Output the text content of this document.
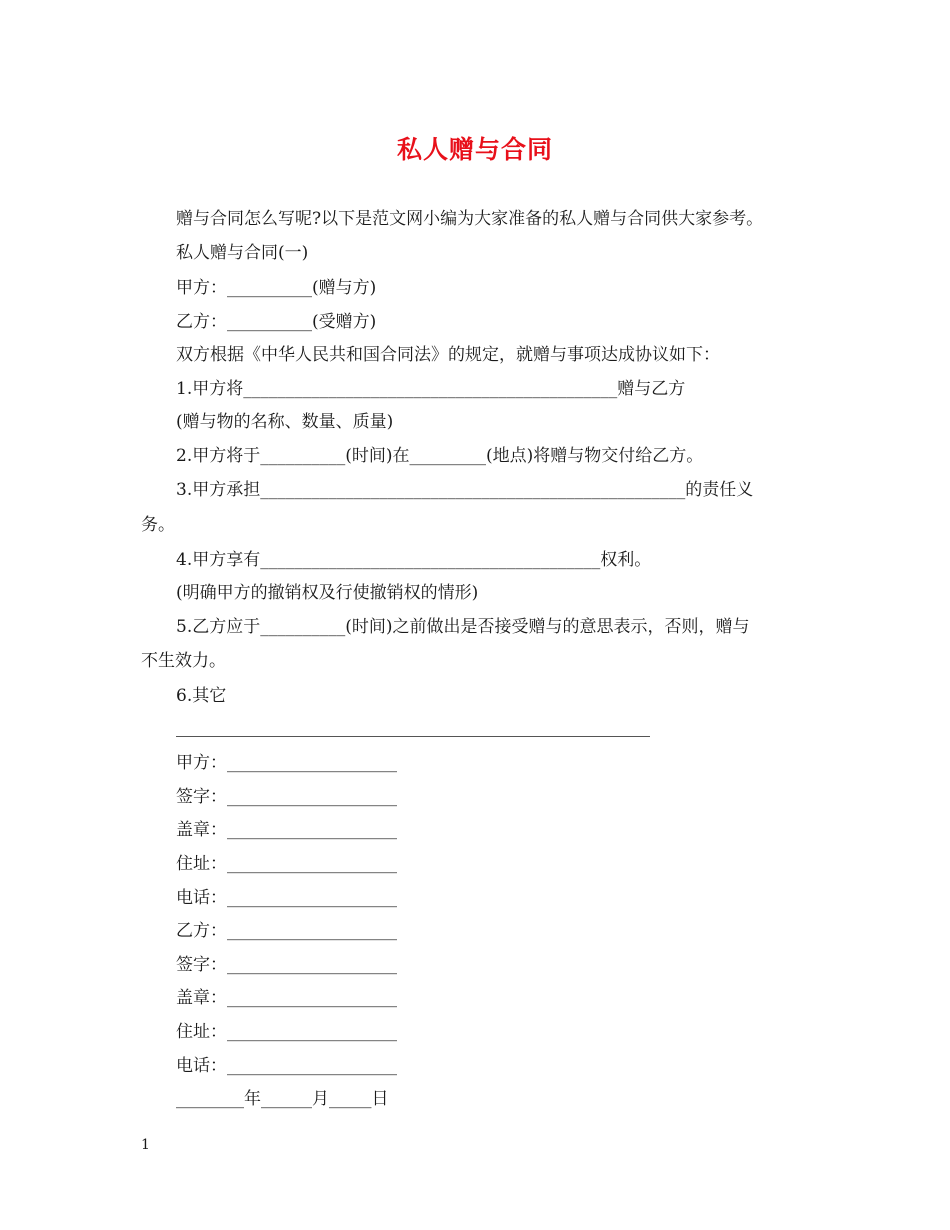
私人赠与合同
赠与合同怎么写呢?以下是范文网小编为大家准备的私人赠与合同供大家参考。
私人赠与合同(一)
甲方：__________(赠与方)
乙方：__________(受赠方)
双方根据《中华人民共和国合同法》的规定，就赠与事项达成协议如下：
1.甲方将____________________________________________赠与乙方
(赠与物的名称、数量、质量)
2.甲方将于__________(时间)在_________(地点)将赠与物交付给乙方。
3.甲方承担__________________________________________________的责任义
务。
4.甲方享有________________________________________权利。
(明确甲方的撤销权及行使撤销权的情形)
5.乙方应于__________(时间)之前做出是否接受赠与的意思表示，否则，赠与
不生效力。
6.其它
甲方：____________________
签字：____________________
盖章：____________________
住址：____________________
电话：____________________
乙方：____________________
签字：____________________
盖章：____________________
住址：____________________
电话：____________________
________年______月_____日
1
